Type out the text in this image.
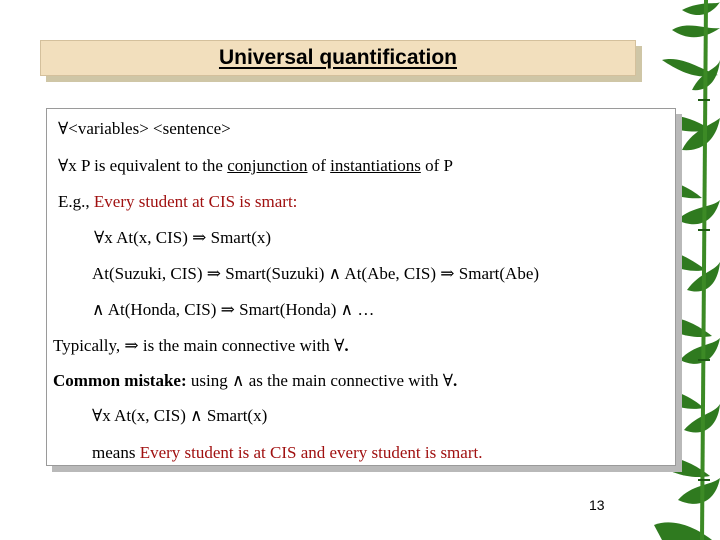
Universal quantification
∀<variables> <sentence>
∀x P is equivalent to the conjunction of instantiations of P
E.g., Every student at CIS is smart:
∀x At(x, CIS) ⇒ Smart(x)
At(Suzuki, CIS) ⇒ Smart(Suzuki) ∧ At(Abe, CIS) ⇒ Smart(Abe)
∧ At(Honda, CIS) ⇒ Smart(Honda) ∧ …
Typically, ⇒ is the main connective with ∀.
Common mistake: using ∧ as the main connective with ∀.
∀x At(x, CIS) ∧ Smart(x)
means Every student is at CIS and every student is smart.
13
